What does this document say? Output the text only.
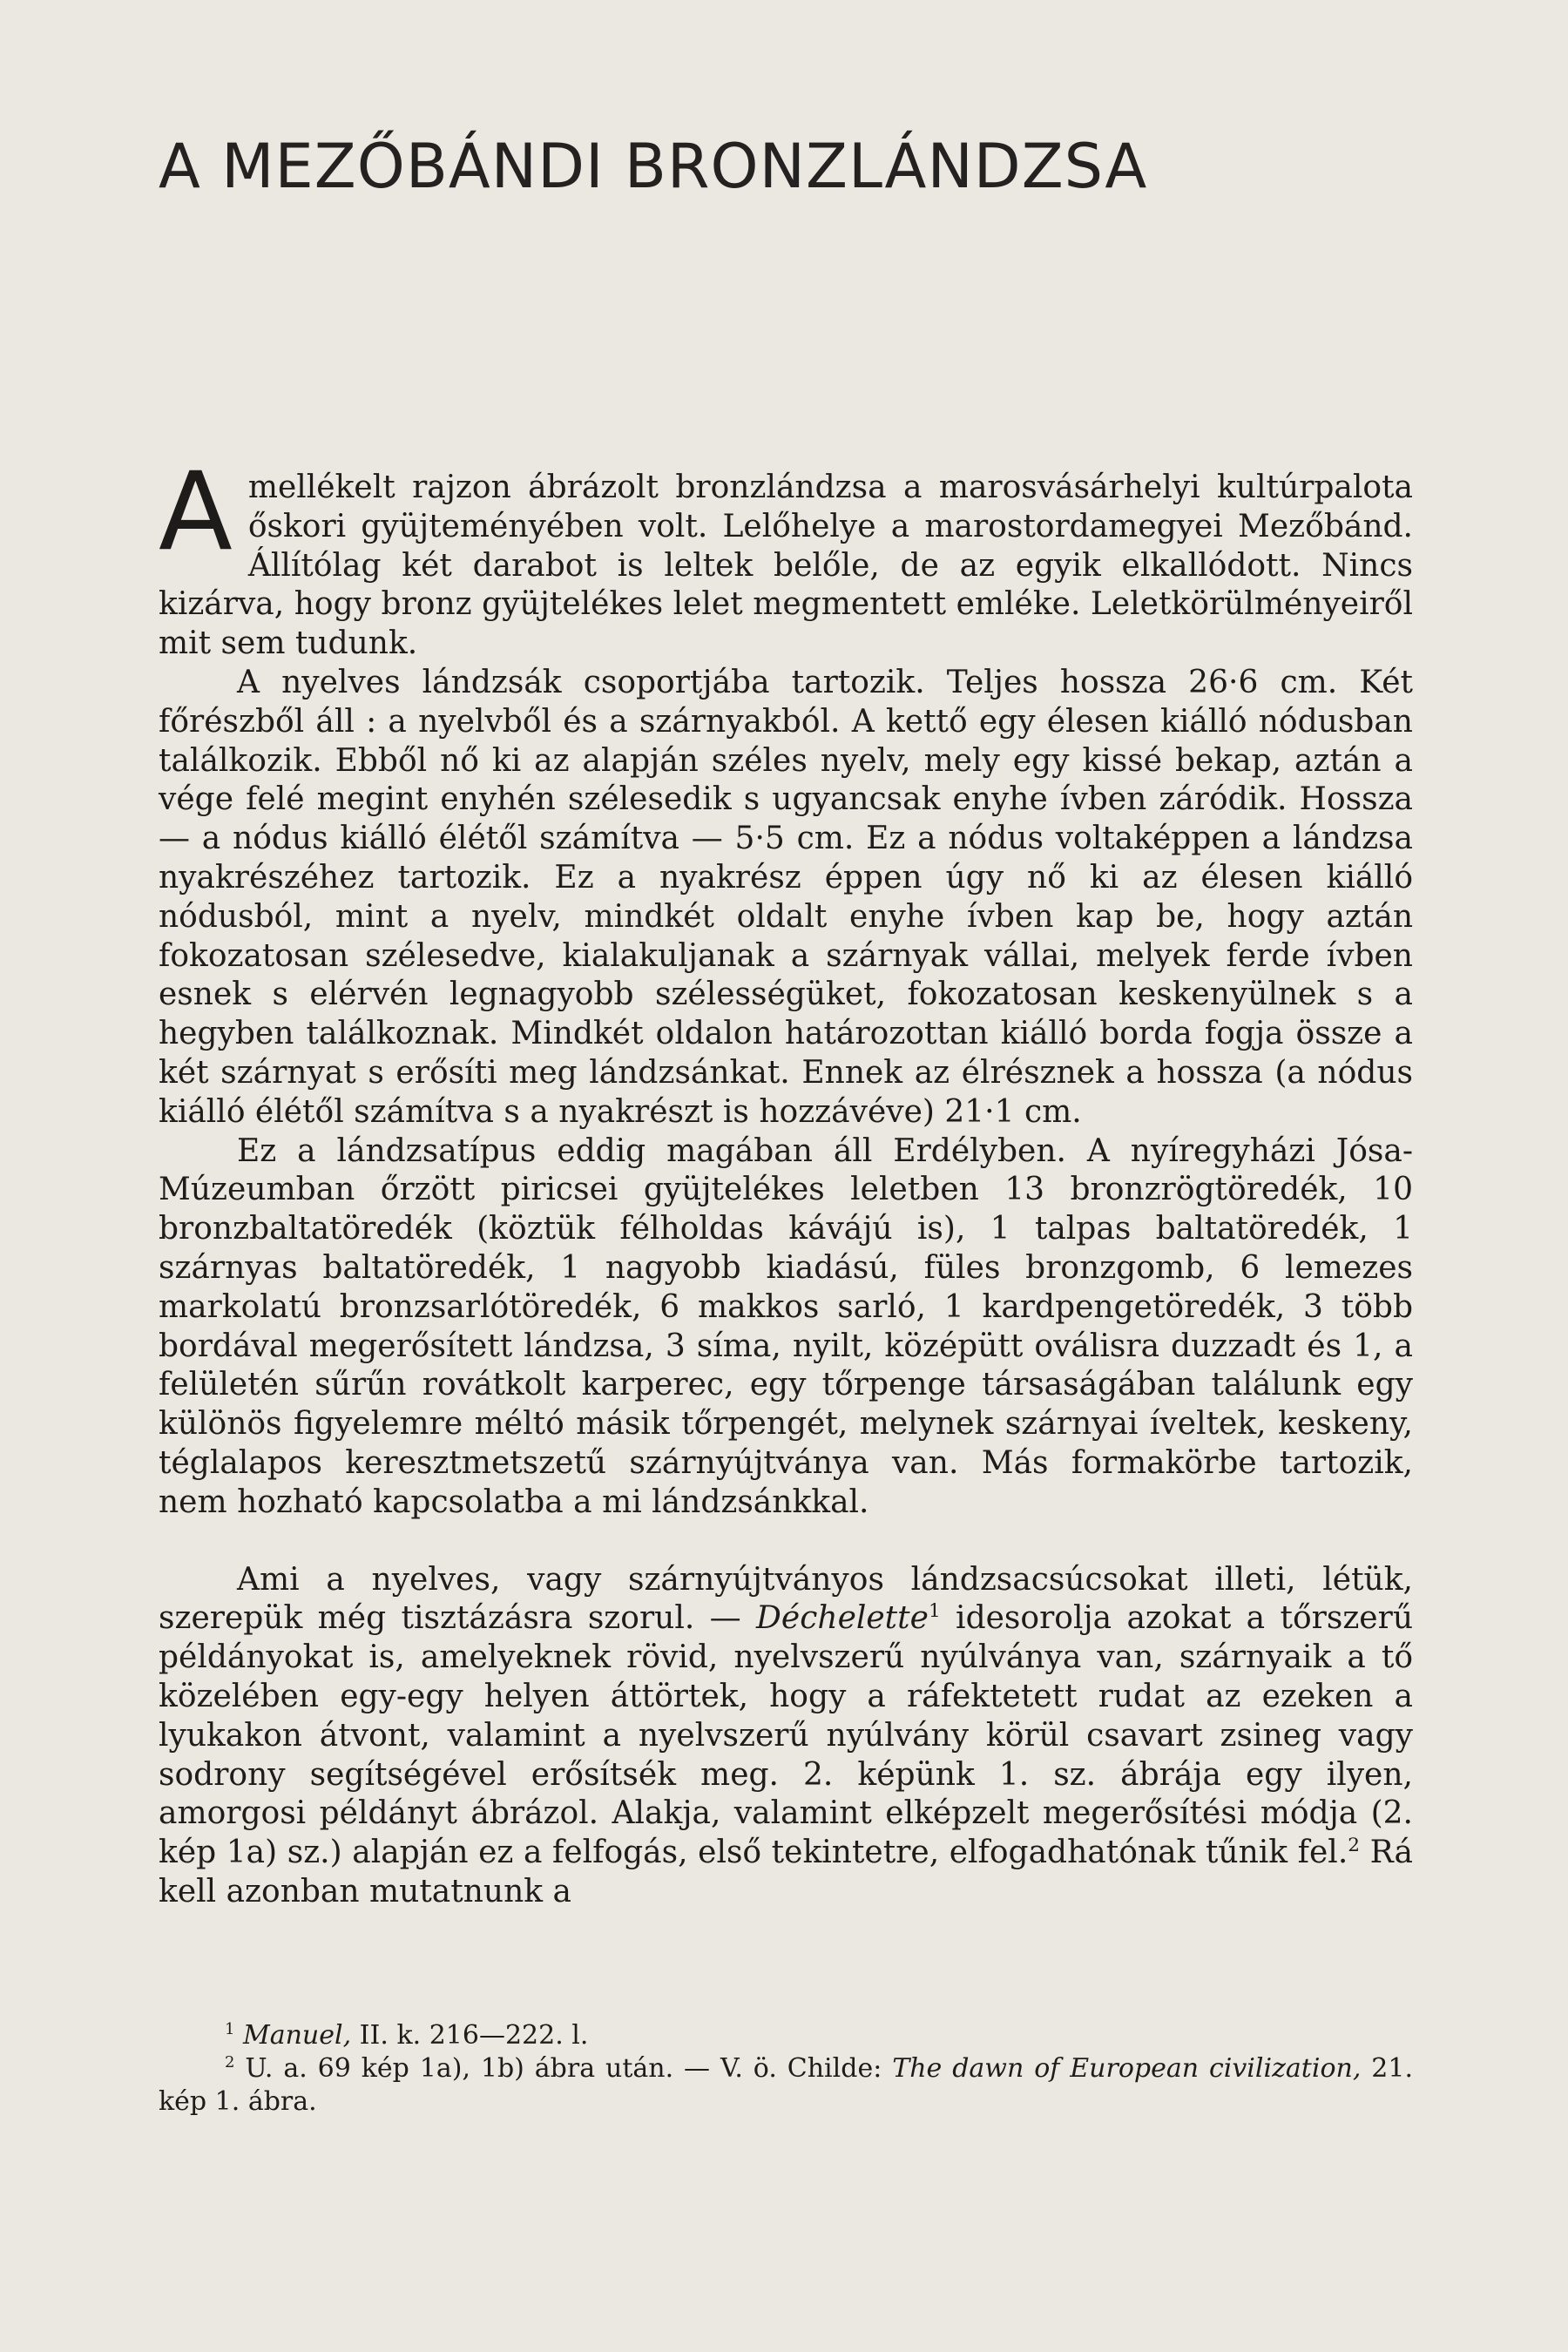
A MEZŐBÁNDI BRONZLÁNDZSA

Amellékelt rajzon ábrázolt bronzlándzsa a marosvásárhelyi kultúrpalota őskori gyüjteményében volt. Lelőhelye a marostordamegyei Mezőbánd. Állítólag két darabot is leltek belőle, de az egyik elkallódott. Nincs kizárva, hogy bronz gyüjtelékes lelet megmentett emléke. Leletkörülményeiről mit sem tudunk.

A nyelves lándzsák csoportjába tartozik. Teljes hossza 26·6 cm. Két főrészből áll : a nyelvből és a szárnyakból. A kettő egy élesen kiálló nódusban találkozik. Ebből nő ki az alapján széles nyelv, mely egy kissé bekap, aztán a vége felé megint enyhén szélesedik s ugyancsak enyhe ívben záródik. Hossza — a nódus kiálló élétől számítva — 5·5 cm. Ez a nódus voltaképpen a lándzsa nyakrészéhez tartozik. Ez a nyakrész éppen úgy nő ki az élesen kiálló nódusból, mint a nyelv, mindkét oldalt enyhe ívben kap be, hogy aztán fokozatosan szélesedve, kialakuljanak a szárnyak vállai, melyek ferde ívben esnek s elérvén legnagyobb szélességüket, fokozatosan keskenyülnek s a hegyben találkoznak. Mindkét oldalon határozottan kiálló borda fogja össze a két szárnyat s erősíti meg lándzsánkat. Ennek az élrésznek a hossza (a nódus kiálló élétől számítva s a nyakrészt is hozzávéve) 21·1 cm.

Ez a lándzsatípus eddig magában áll Erdélyben. A nyíregyházi Jósa-Múzeumban őrzött piricsei gyüjtelékes leletben 13 bronzrögtöredék, 10 bronzbaltatöredék (köztük félholdas kávájú is), 1 talpas baltatöredék, 1 szárnyas baltatöredék, 1 nagyobb kiadású, füles bronzgomb, 6 lemezes markolatú bronzsarlótöredék, 6 makkos sarló, 1 kardpengetöredék, 3 több bordával megerősített lándzsa, 3 síma, nyilt, középütt oválisra duzzadt és 1, a felületén sűrűn rovátkolt karperec, egy tőrpenge társaságában találunk egy különös figyelemre méltó másik tőrpengét, melynek szárnyai íveltek, keskeny, téglalapos keresztmetszetű szárnyújtványa van. Más formakörbe tartozik, nem hozható kapcsolatba a mi lándzsánkkal.

Ami a nyelves, vagy szárnyújtványos lándzsacsúcsokat illeti, létük, szerepük még tisztázásra szorul. — Déchelette$^1$ idesorolja azokat a tőrszerű példányokat is, amelyeknek rövid, nyelvszerű nyúlványa van, szárnyaik a tő közelében egy-egy helyen áttörtek, hogy a ráfektetett rudat az ezeken a lyukakon átvont, valamint a nyelvszerű nyúlvány körül csavart zsineg vagy sodrony segítségével erősítsék meg. 2. képünk 1. sz. ábrája egy ilyen, amorgosi példányt ábrázol. Alakja, valamint elképzelt megerősítési módja (2. kép 1a) sz.) alapján ez a felfogás, első tekintetre, elfogadhatónak tűnik fel.$^2$ Rá kell azonban mutatnunk a

$^1$ Manuel, II. k. 216—222. l.

$^2$ U. a. 69 kép 1a), 1b) ábra után. — V. ö. Childe: The dawn of European civilization, 21. kép 1. ábra.
